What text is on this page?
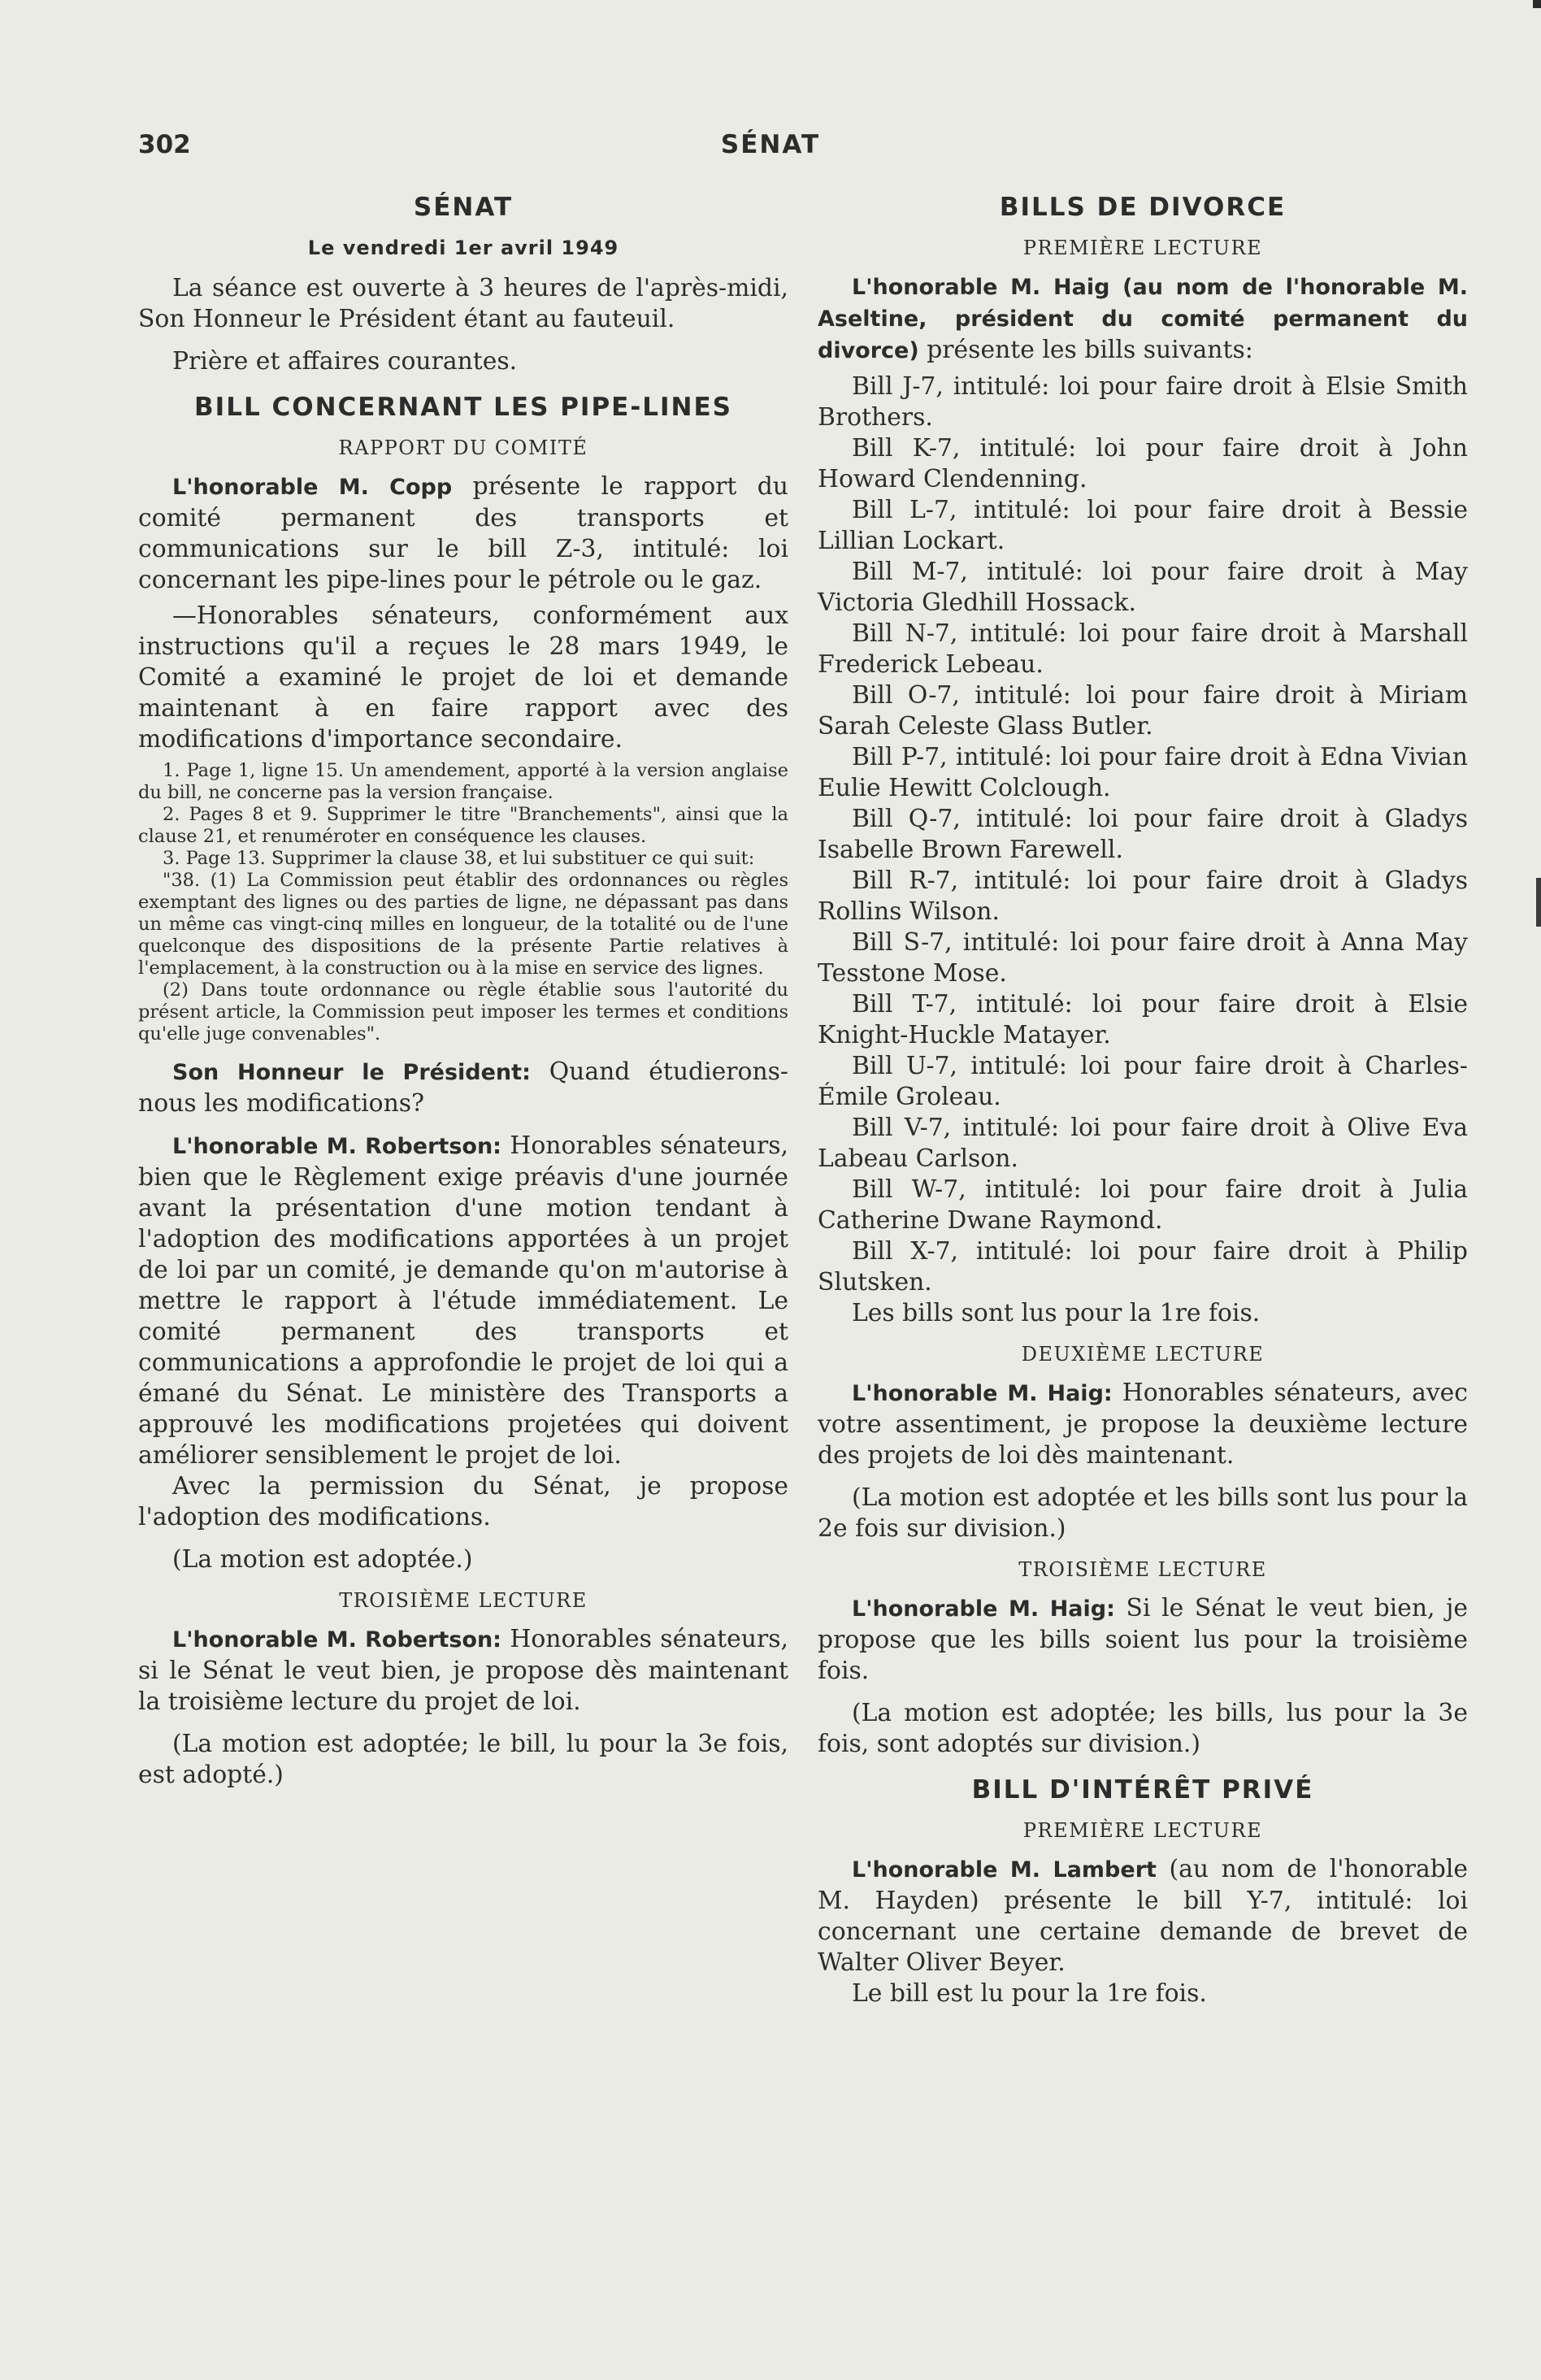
302	SÉNAT

SÉNAT

Le vendredi 1er avril 1949

La séance est ouverte à 3 heures de l'après-midi, Son Honneur le Président étant au fauteuil.

Prière et affaires courantes.

BILL CONCERNANT LES PIPE-LINES

RAPPORT DU COMITÉ

L'honorable M. Copp présente le rapport du comité permanent des transports et communications sur le bill Z-3, intitulé: loi concernant les pipe-lines pour le pétrole ou le gaz.

—Honorables sénateurs, conformément aux instructions qu'il a reçues le 28 mars 1949, le Comité a examiné le projet de loi et demande maintenant à en faire rapport avec des modifications d'importance secondaire.

1. Page 1, ligne 15. Un amendement, apporté à la version anglaise du bill, ne concerne pas la version française.

2. Pages 8 et 9. Supprimer le titre "Branchements", ainsi que la clause 21, et renuméroter en conséquence les clauses.

3. Page 13. Supprimer la clause 38, et lui substituer ce qui suit:

"38. (1) La Commission peut établir des ordonnances ou règles exemptant des lignes ou des parties de ligne, ne dépassant pas dans un même cas vingt-cinq milles en longueur, de la totalité ou de l'une quelconque des dispositions de la présente Partie relatives à l'emplacement, à la construction ou à la mise en service des lignes.

(2) Dans toute ordonnance ou règle établie sous l'autorité du présent article, la Commission peut imposer les termes et conditions qu'elle juge convenables".

Son Honneur le Président: Quand étudierons-nous les modifications?

L'honorable M. Robertson: Honorables sénateurs, bien que le Règlement exige préavis d'une journée avant la présentation d'une motion tendant à l'adoption des modifications apportées à un projet de loi par un comité, je demande qu'on m'autorise à mettre le rapport à l'étude immédiatement. Le comité permanent des transports et communications a approfondie le projet de loi qui a émané du Sénat. Le ministère des Transports a approuvé les modifications projetées qui doivent améliorer sensiblement le projet de loi.

Avec la permission du Sénat, je propose l'adoption des modifications.

(La motion est adoptée.)

TROISIÈME LECTURE

L'honorable M. Robertson: Honorables sénateurs, si le Sénat le veut bien, je propose dès maintenant la troisième lecture du projet de loi.

(La motion est adoptée; le bill, lu pour la 3e fois, est adopté.)

BILLS DE DIVORCE

PREMIÈRE LECTURE

L'honorable M. Haig (au nom de l'honorable M. Aseltine, président du comité permanent du divorce) présente les bills suivants:

Bill J-7, intitulé: loi pour faire droit à Elsie Smith Brothers.

Bill K-7, intitulé: loi pour faire droit à John Howard Clendenning.

Bill L-7, intitulé: loi pour faire droit à Bessie Lillian Lockart.

Bill M-7, intitulé: loi pour faire droit à May Victoria Gledhill Hossack.

Bill N-7, intitulé: loi pour faire droit à Marshall Frederick Lebeau.

Bill O-7, intitulé: loi pour faire droit à Miriam Sarah Celeste Glass Butler.

Bill P-7, intitulé: loi pour faire droit à Edna Vivian Eulie Hewitt Colclough.

Bill Q-7, intitulé: loi pour faire droit à Gladys Isabelle Brown Farewell.

Bill R-7, intitulé: loi pour faire droit à Gladys Rollins Wilson.

Bill S-7, intitulé: loi pour faire droit à Anna May Tesstone Mose.

Bill T-7, intitulé: loi pour faire droit à Elsie Knight-Huckle Matayer.

Bill U-7, intitulé: loi pour faire droit à Charles-Émile Groleau.

Bill V-7, intitulé: loi pour faire droit à Olive Eva Labeau Carlson.

Bill W-7, intitulé: loi pour faire droit à Julia Catherine Dwane Raymond.

Bill X-7, intitulé: loi pour faire droit à Philip Slutsken.

Les bills sont lus pour la 1re fois.

DEUXIÈME LECTURE

L'honorable M. Haig: Honorables sénateurs, avec votre assentiment, je propose la deuxième lecture des projets de loi dès maintenant.

(La motion est adoptée et les bills sont lus pour la 2e fois sur division.)

TROISIÈME LECTURE

L'honorable M. Haig: Si le Sénat le veut bien, je propose que les bills soient lus pour la troisième fois.

(La motion est adoptée; les bills, lus pour la 3e fois, sont adoptés sur division.)

BILL D'INTÉRÊT PRIVÉ

PREMIÈRE LECTURE

L'honorable M. Lambert (au nom de l'honorable M. Hayden) présente le bill Y-7, intitulé: loi concernant une certaine demande de brevet de Walter Oliver Beyer.

Le bill est lu pour la 1re fois.
